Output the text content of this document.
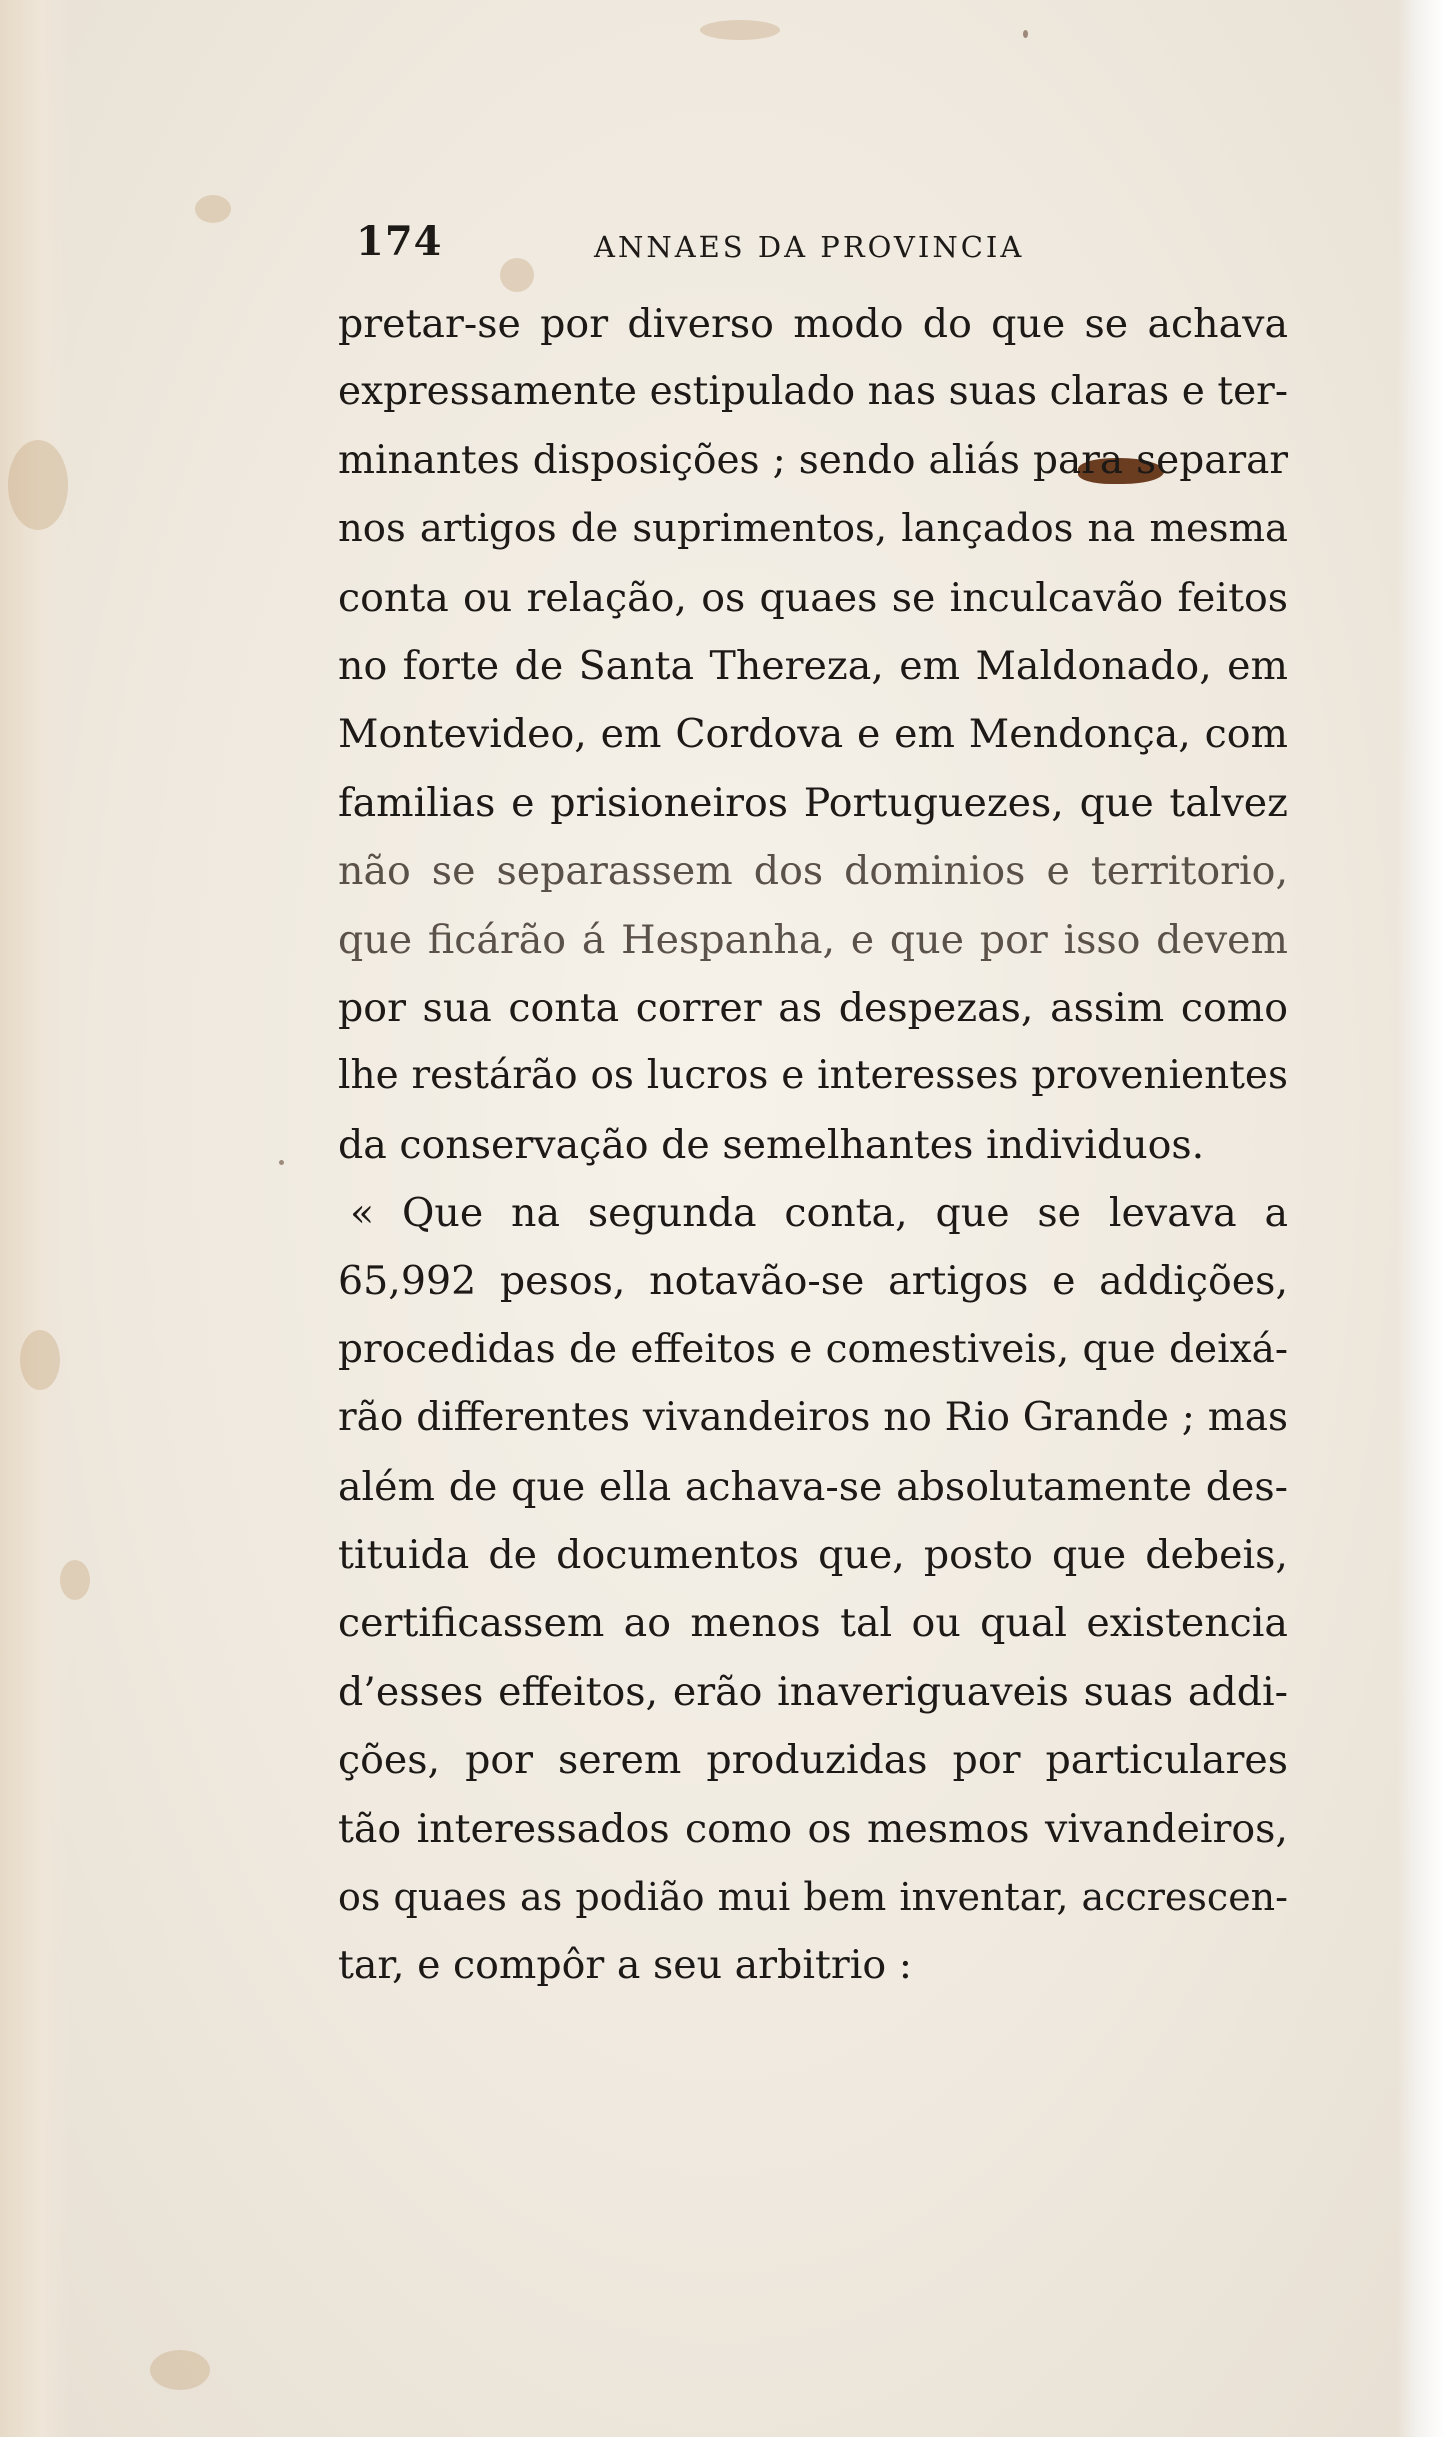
174	ANNAES DA PROVINCIA
pretar-se por diverso modo do que se achava
expressamente estipulado nas suas claras e ter-
minantes disposições ; sendo aliás para separar
nos artigos de suprimentos, lançados na mesma
conta ou relação, os quaes se inculcavão feitos
no forte de Santa Thereza, em Maldonado, em
Montevideo, em Cordova e em Mendonça, com
familias e prisioneiros Portuguezes, que talvez
não se separassem dos dominios e territorio,
que ficárão á Hespanha, e que por isso devem
por sua conta correr as despezas, assim como
lhe restárão os lucros e interesses provenientes
da conservação de semelhantes individuos.
« Que na segunda conta, que se levava a
65,992 pesos, notavão-se artigos e addições,
procedidas de effeitos e comestiveis, que deixá-
rão differentes vivandeiros no Rio Grande ; mas
além de que ella achava-se absolutamente des-
tituida de documentos que, posto que debeis,
certificassem ao menos tal ou qual existencia
d’esses effeitos, erão inaveriguaveis suas addi-
ções, por serem produzidas por particulares
tão interessados como os mesmos vivandeiros,
os quaes as podião mui bem inventar, accrescen-
tar, e compôr a seu arbitrio :
